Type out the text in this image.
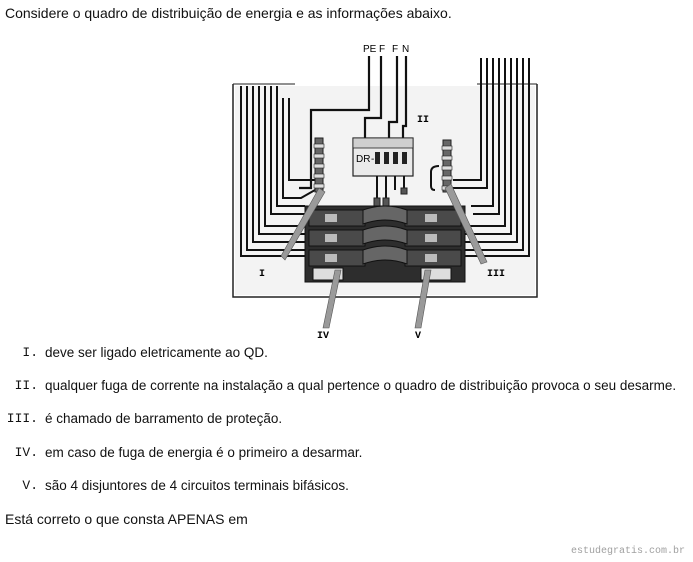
Considere o quadro de distribuição de energia e as informações abaixo.
DR -
PE F F N
I
II
III
IV	V
I. deve ser ligado eletricamente ao QD.
II. qualquer fuga de corrente na instalação a qual pertence o quadro de distribuição provoca o seu desarme.
III. é chamado de barramento de proteção.
IV. em caso de fuga de energia é o primeiro a desarmar.
V. são 4 disjuntores de 4 circuitos terminais bifásicos.
Está correto o que consta APENAS em
estudegratis.com.br
